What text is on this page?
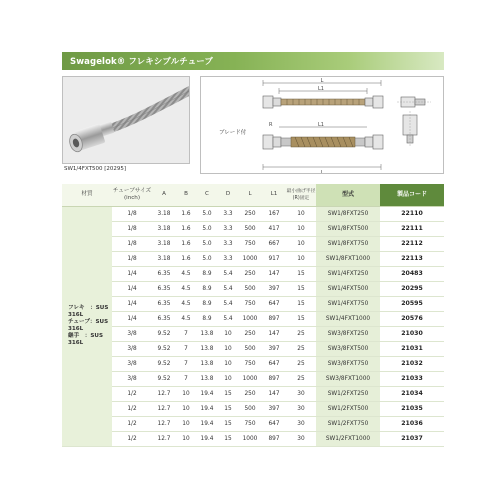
Swagelok® フレキシブルチューブ
SW1/4FXT500 [20295]
L1
L
ブレード付
L1
L
R
材質	チューブサイズ (inch)	A	B	C	D	L	L1	最小曲げ半径(R)固定	型式	製品コード

フレキ　：SUS 316L
チューブ：SUS 316L
継手　：SUS 316L	1/8	3.18	1.6	5.0	3.3	250	167	10	SW1/8FXT250	22110
	1/8	3.18	1.6	5.0	3.3	500	417	10	SW1/8FXT500	22111
	1/8	3.18	1.6	5.0	3.3	750	667	10	SW1/8FXT750	22112
	1/8	3.18	1.6	5.0	3.3	1000	917	10	SW1/8FXT1000	22113
	1/4	6.35	4.5	8.9	5.4	250	147	15	SW1/4FXT250	20483
	1/4	6.35	4.5	8.9	5.4	500	397	15	SW1/4FXT500	20295
	1/4	6.35	4.5	8.9	5.4	750	647	15	SW1/4FXT750	20595
	1/4	6.35	4.5	8.9	5.4	1000	897	15	SW1/4FXT1000	20576
	3/8	9.52	7	13.8	10	250	147	25	SW3/8FXT250	21030
	3/8	9.52	7	13.8	10	500	397	25	SW3/8FXT500	21031
	3/8	9.52	7	13.8	10	750	647	25	SW3/8FXT750	21032
	3/8	9.52	7	13.8	10	1000	897	25	SW3/8FXT1000	21033
	1/2	12.7	10	19.4	15	250	147	30	SW1/2FXT250	21034
	1/2	12.7	10	19.4	15	500	397	30	SW1/2FXT500	21035
	1/2	12.7	10	19.4	15	750	647	30	SW1/2FXT750	21036
	1/2	12.7	10	19.4	15	1000	897	30	SW1/2FXT1000	21037
